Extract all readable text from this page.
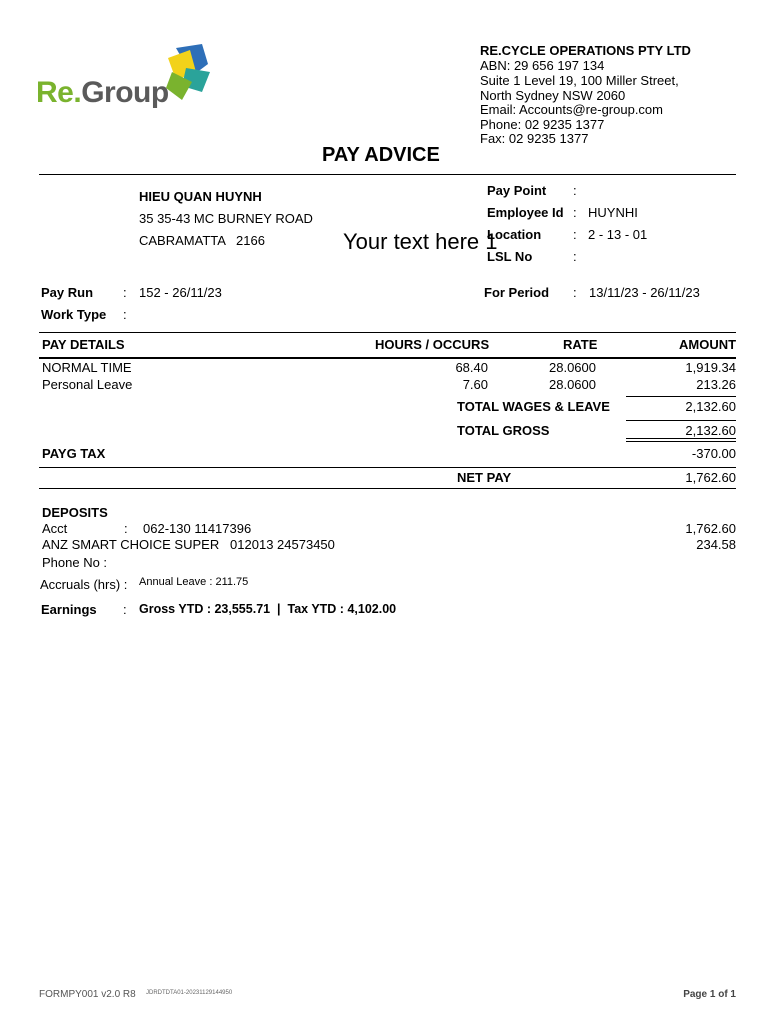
Re.Group
RE.CYCLE OPERATIONS PTY LTD
ABN: 29 656 197 134
Suite 1 Level 19, 100 Miller Street,
North Sydney NSW 2060
Email: Accounts@re-group.com
Phone: 02 9235 1377
Fax: 02 9235 1377
PAY ADVICE
HIEU QUAN HUYNH
35 35-43 MC BURNEY ROAD
CABRAMATTA   2166
Pay Point :
Employee Id : HUYNHI
Location : 2 - 13 - 01
LSL No	:
Your text here 1
Pay Run : 152 - 26/11/23	For Period : 13/11/23 - 26/11/23
Work Type :
PAY DETAILS	HOURS / OCCURS	RATE	AMOUNT
NORMAL TIME	68.40	28.0600	1,919.34
Personal Leave	7.60	28.0600	213.26
TOTAL WAGES & LEAVE	2,132.60
TOTAL GROSS	2,132.60
PAYG TAX	-370.00
NET PAY	1,762.60
DEPOSITS
Acct	: 062-130 11417396	1,762.60
ANZ SMART CHOICE SUPER   012013 24573450	234.58
Phone No :
Accruals (hrs) : Annual Leave : 211.75
Earnings : Gross YTD : 23,555.71  |  Tax YTD : 4,102.00
FORMPY001 v2.0 R8 JDRDTDTA01-20231129144950	Page 1 of 1
